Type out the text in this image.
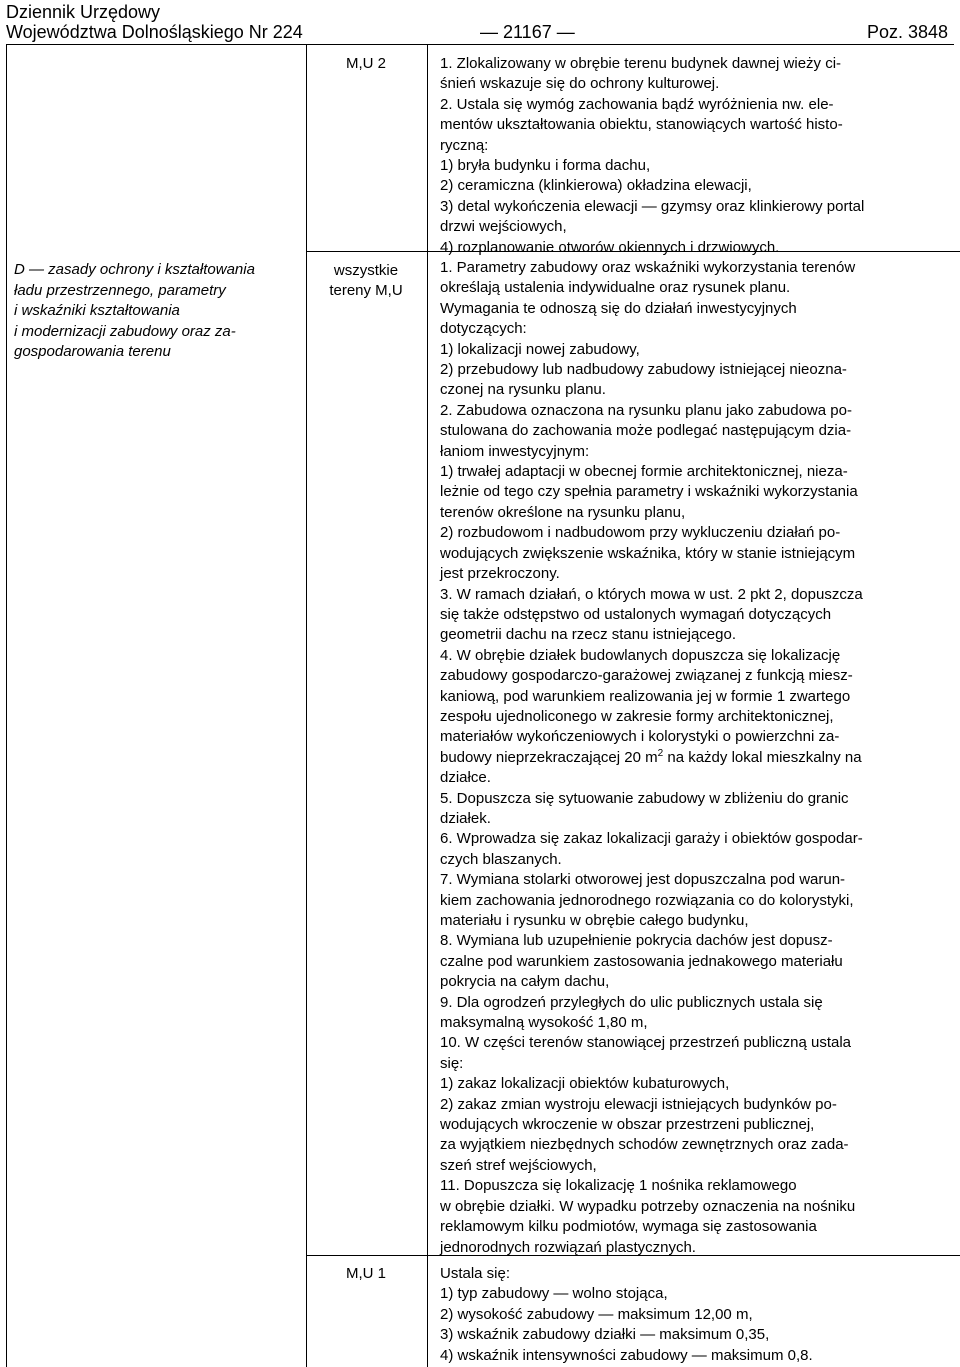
Dziennik Urzędowy
Województwa Dolnośląskiego Nr 224	— 21167 —	Poz. 3848
D — zasady ochrony i kształtowania
ładu przestrzennego, parametry
i wskaźniki kształtowania
i modernizacji zabudowy oraz za-
gospodarowania terenu
M,U 2
wszystkie
tereny M,U
M,U 1
1. Zlokalizowany w obrębie terenu budynek dawnej wieży ci-
śnień wskazuje się do ochrony kulturowej.
2. Ustala się wymóg zachowania bądź wyróżnienia nw. ele-
mentów ukształtowania obiektu, stanowiących wartość histo-
ryczną:
1) bryła budynku i forma dachu,
2) ceramiczna (klinkierowa) okładzina elewacji,
3) detal wykończenia elewacji — gzymsy oraz klinkierowy portal
drzwi wejściowych,
4) rozplanowanie otworów okiennych i drzwiowych.
1. Parametry zabudowy oraz wskaźniki wykorzystania terenów
określają ustalenia indywidualne oraz rysunek planu.
Wymagania te odnoszą się do działań inwestycyjnych
dotyczących:
1) lokalizacji nowej zabudowy,
2) przebudowy lub nadbudowy zabudowy istniejącej nieozna-
czonej na rysunku planu.
2. Zabudowa oznaczona na rysunku planu jako zabudowa po-
stulowana do zachowania może podlegać następującym dzia-
łaniom inwestycyjnym:
1) trwałej adaptacji w obecnej formie architektonicznej, nieza-
leżnie od tego czy spełnia parametry i wskaźniki wykorzystania
terenów określone na rysunku planu,
2) rozbudowom i nadbudowom przy wykluczeniu działań po-
wodujących zwiększenie wskaźnika, który w stanie istniejącym
jest przekroczony.
3. W ramach działań, o których mowa w ust. 2 pkt 2, dopuszcza
się także odstępstwo od ustalonych wymagań dotyczących
geometrii dachu na rzecz stanu istniejącego.
4. W obrębie działek budowlanych dopuszcza się lokalizację
zabudowy gospodarczo-garażowej związanej z funkcją miesz-
kaniową, pod warunkiem realizowania jej w formie 1 zwartego
zespołu ujednoliconego w zakresie formy architektonicznej,
materiałów wykończeniowych i kolorystyki o powierzchni za-
budowy nieprzekraczającej 20 $m^2$ na każdy lokal mieszkalny na
działce.
5. Dopuszcza się sytuowanie zabudowy w zbliżeniu do granic
działek.
6. Wprowadza się zakaz lokalizacji garaży i obiektów gospodar-
czych blaszanych.
7. Wymiana stolarki otworowej jest dopuszczalna pod warun-
kiem zachowania jednorodnego rozwiązania co do kolorystyki,
materiału i rysunku w obrębie całego budynku,
8. Wymiana lub uzupełnienie pokrycia dachów jest dopusz-
czalne pod warunkiem zastosowania jednakowego materiału
pokrycia na całym dachu,
9. Dla ogrodzeń przyległych do ulic publicznych ustala się
maksymalną wysokość 1,80 m,
10. W części terenów stanowiącej przestrzeń publiczną ustala
się:
1) zakaz lokalizacji obiektów kubaturowych,
2) zakaz zmian wystroju elewacji istniejących budynków po-
wodujących wkroczenie w obszar przestrzeni publicznej,
za wyjątkiem niezbędnych schodów zewnętrznych oraz zada-
szeń stref wejściowych,
11. Dopuszcza się lokalizację 1 nośnika reklamowego
w obrębie działki. W wypadku potrzeby oznaczenia na nośniku
reklamowym kilku podmiotów, wymaga się zastosowania
jednorodnych rozwiązań plastycznych.
Ustala się:
1) typ zabudowy — wolno stojąca,
2) wysokość zabudowy — maksimum 12,00 m,
3) wskaźnik zabudowy działki — maksimum 0,35,
4) wskaźnik intensywności zabudowy — maksimum 0,8.
